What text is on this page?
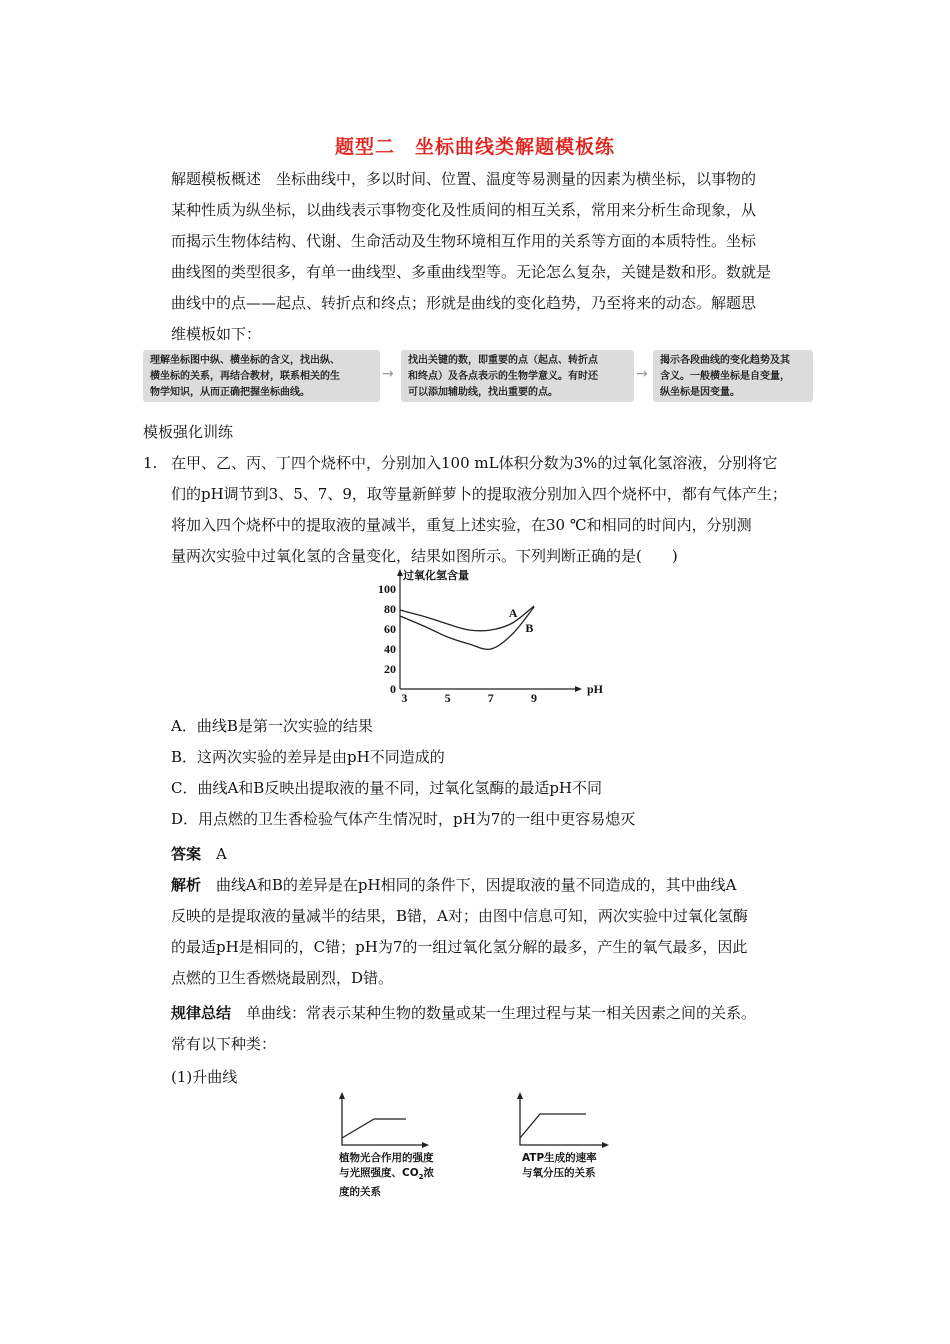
题型二　坐标曲线类解题模板练
解题模板概述　 坐标曲线中，多以时间、位置、温度等易测量的因素为横坐标，以事物的
某种性质为纵坐标，以曲线表示事物变化及性质间的相互关系，常用来分析生命现象，从
而揭示生物体结构、代谢、生命活动及生物环境相互作用的关系等方面的本质特性。坐标
曲线图的类型很多，有单一曲线型、多重曲线型等。无论怎么复杂，关键是数和形。数就是
曲线中的点——起点、转折点和终点；形就是曲线的变化趋势，乃至将来的动态。解题思
维模板如下：
理解坐标图中纵、横坐标的含义，找出纵、
横坐标的关系，再结合教材，联系相关的生
物学知识，从而正确把握坐标曲线。
→
找出关键的数，即重要的点（起点、转折点
和终点）及各点表示的生物学意义。有时还
可以添加辅助线，找出重要的点。
→
揭示各段曲线的变化趋势及其
含义。一般横坐标是自变量，
纵坐标是因变量。
模板强化训练
1. 在甲、乙、丙、丁四个烧杯中，分别加入100 mL体积分数为3%的过氧化氢溶液，分别将它
们的pH调节到3、5、7、9，取等量新鲜萝卜的提取液分别加入四个烧杯中，都有气体产生；
将加入四个烧杯中的提取液的量减半，重复上述实验，在30 ℃和相同的时间内，分别测
量两次实验中过氧化氢的含量变化，结果如图所示。下列判断正确的是(　　)
过氧化氢含量
pH
100
80
60
40
20
0
3	5	7	9
A
B
A．曲线B是第一次实验的结果
B．这两次实验的差异是由pH不同造成的
C．曲线A和B反映出提取液的量不同，过氧化氢酶的最适pH不同
D．用点燃的卫生香检验气体产生情况时，pH为7的一组中更容易熄灭
答案　 A
解析　 曲线A和B的差异是在pH相同的条件下，因提取液的量不同造成的，其中曲线A
反映的是提取液的量减半的结果，B错，A对；由图中信息可知，两次实验中过氧化氢酶
的最适pH是相同的，C错；pH为7的一组过氧化氢分解的最多，产生的氧气最多，因此
点燃的卫生香燃烧最剧烈，D错。
规律总结　 单曲线：常表示某种生物的数量或某一生理过程与某一相关因素之间的关系。
常有以下种类：
(1)升曲线
植物光合作用的强度
与光照强度、$CO_2$浓
度的关系
ATP生成的速率
与氧分压的关系
